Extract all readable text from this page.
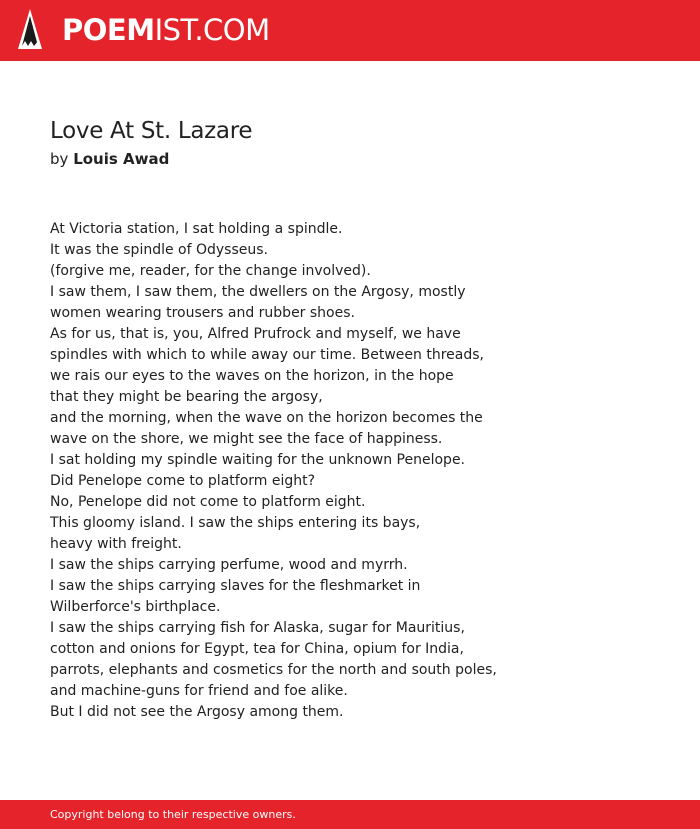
POEMIST.COM
Love At St. Lazare
by Louis Awad
At Victoria station, I sat holding a spindle.
It was the spindle of Odysseus.
(forgive me, reader, for the change involved).
I saw them, I saw them, the dwellers on the Argosy, mostly
women wearing trousers and rubber shoes.
As for us, that is, you, Alfred Prufrock and myself, we have
spindles with which to while away our time. Between threads,
we rais our eyes to the waves on the horizon, in the hope
that they might be bearing the argosy,
and the morning, when the wave on the horizon becomes the
wave on the shore, we might see the face of happiness.
I sat holding my spindle waiting for the unknown Penelope.
Did Penelope come to platform eight?
No, Penelope did not come to platform eight.
This gloomy island. I saw the ships entering its bays,
heavy with freight.
I saw the ships carrying perfume, wood and myrrh.
I saw the ships carrying slaves for the fleshmarket in
Wilberforce's birthplace.
I saw the ships carrying fish for Alaska, sugar for Mauritius,
cotton and onions for Egypt, tea for China, opium for India,
parrots, elephants and cosmetics for the north and south poles,
and machine-guns for friend and foe alike.
But I did not see the Argosy among them.
Copyright belong to their respective owners.
